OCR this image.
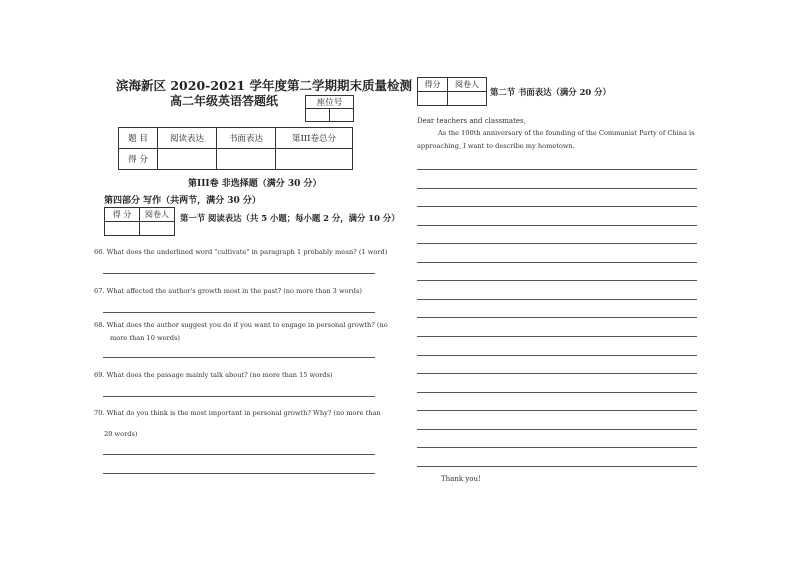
滨海新区 2020-2021 学年度第二学期期末质量检测
高二年级英语答题纸	座位号

题 目	阅读表达	书面表达	第III卷总分
得 分			
第III卷 非选择题（满分 30 分）
第四部分 写作（共两节，满分 30 分）
得 分	阅卷人
	第一节 阅读表达（共 5 小题；每小题 2 分，满分 10 分）
66. What does the underlined word "cultivate" in paragraph 1 probably mean? (1 word)
67. What affected the author's growth most in the past? (no more than 3 words)
68. What does the author suggest you do if you want to engage in personal growth? (no
more than 10 words)
69. What does the passage mainly talk about? (no more than 15 words)
70. What do you think is the most important in personal growth? Why? (no more than
20 words)
得分	阅卷人

第二节 书面表达（满分 20 分）
Dear teachers and classmates，
As the 100th anniversary of the founding of the Communist Party of China is
approaching, I want to describe my hometown.
Thank you!
